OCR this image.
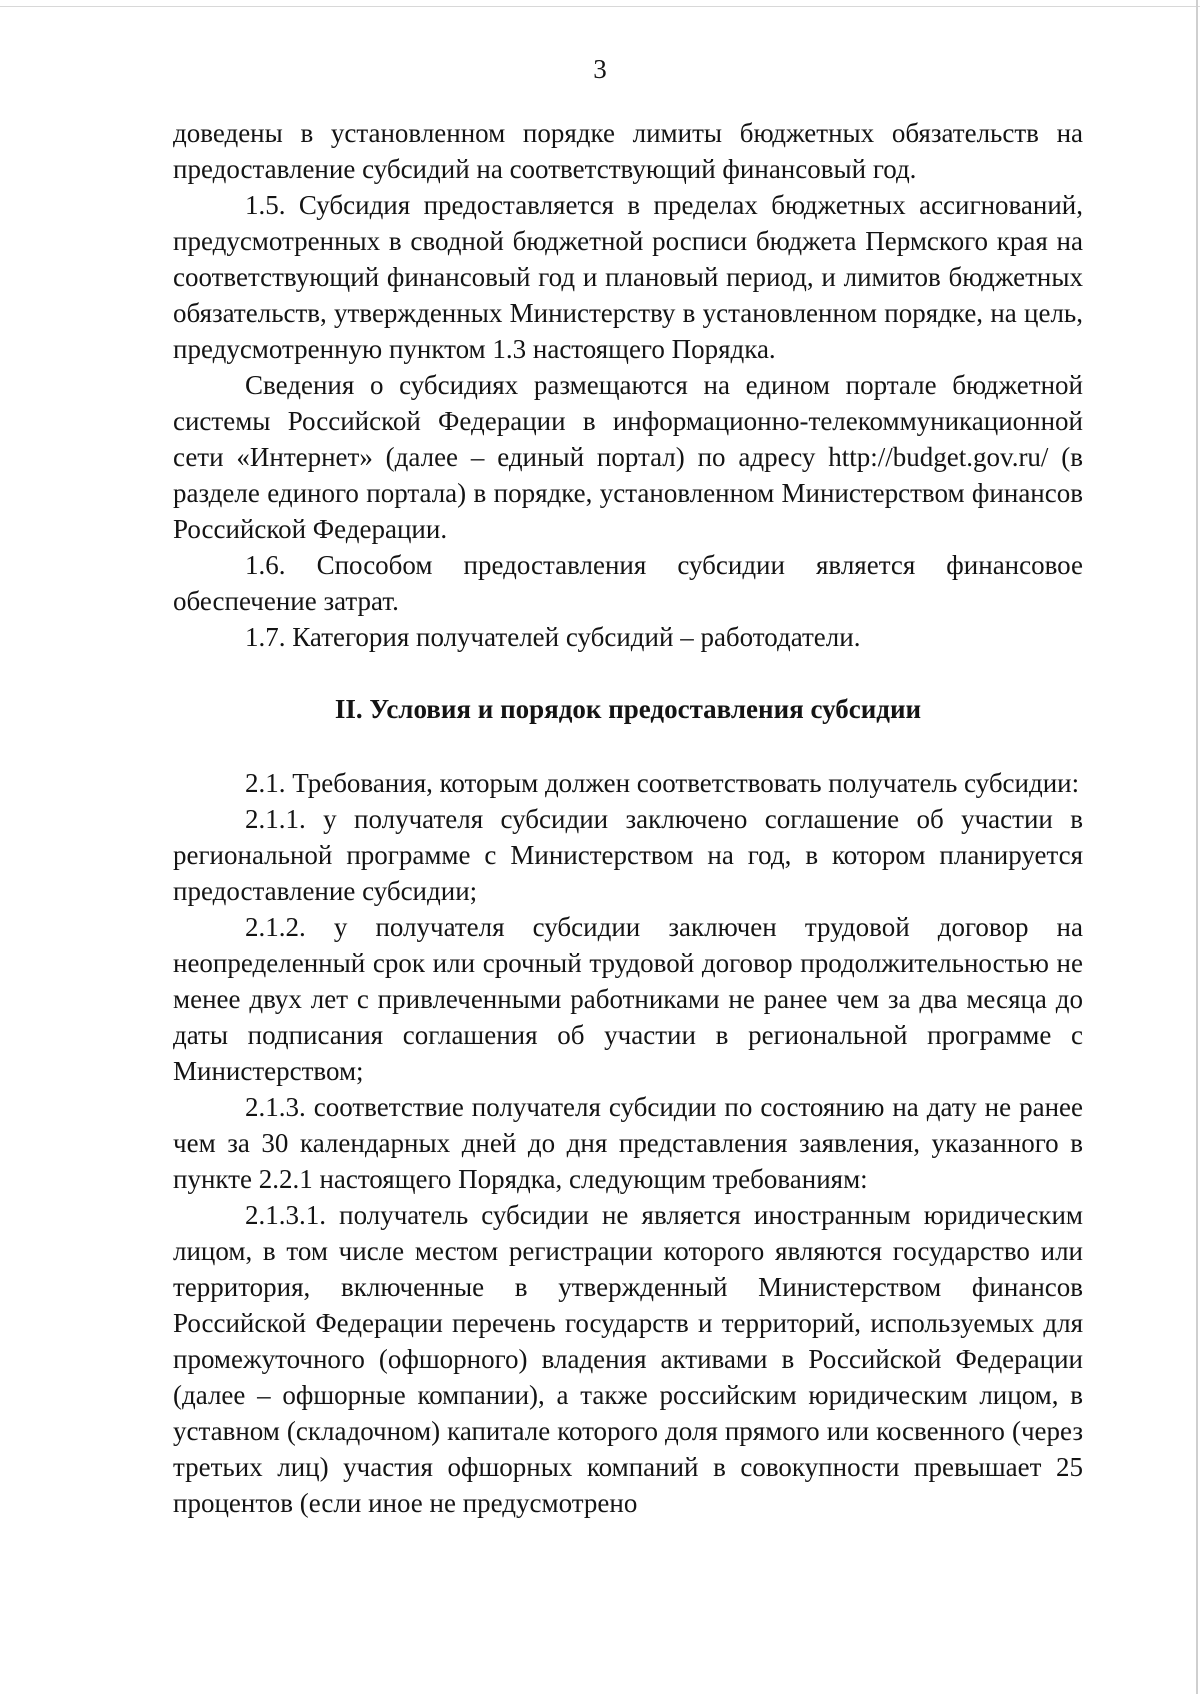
3

доведены в установленном порядке лимиты бюджетных обязательств на предоставление субсидий на соответствующий финансовый год.

1.5. Субсидия предоставляется в пределах бюджетных ассигнований, предусмотренных в сводной бюджетной росписи бюджета Пермского края на соответствующий финансовый год и плановый период, и лимитов бюджетных обязательств, утвержденных Министерству в установленном порядке, на цель, предусмотренную пунктом 1.3 настоящего Порядка.

Сведения о субсидиях размещаются на едином портале бюджетной системы Российской Федерации в информационно-телекоммуникационной сети «Интернет» (далее – единый портал) по адресу http://budget.gov.ru/ (в разделе единого портала) в порядке, установленном Министерством финансов Российской Федерации.

1.6. Способом предоставления субсидии является финансовое обеспечение затрат.

1.7. Категория получателей субсидий – работодатели.

II. Условия и порядок предоставления субсидии

2.1. Требования, которым должен соответствовать получатель субсидии:

2.1.1. у получателя субсидии заключено соглашение об участии в региональной программе с Министерством на год, в котором планируется предоставление субсидии;

2.1.2. у получателя субсидии заключен трудовой договор на неопределенный срок или срочный трудовой договор продолжительностью не менее двух лет с привлеченными работниками не ранее чем за два месяца до даты подписания соглашения об участии в региональной программе с Министерством;

2.1.3. соответствие получателя субсидии по состоянию на дату не ранее чем за 30 календарных дней до дня представления заявления, указанного в пункте 2.2.1 настоящего Порядка, следующим требованиям:

2.1.3.1. получатель субсидии не является иностранным юридическим лицом, в том числе местом регистрации которого являются государство или территория, включенные в утвержденный Министерством финансов Российской Федерации перечень государств и территорий, используемых для промежуточного (офшорного) владения активами в Российской Федерации (далее – офшорные компании), а также российским юридическим лицом, в уставном (складочном) капитале которого доля прямого или косвенного (через третьих лиц) участия офшорных компаний в совокупности превышает 25 процентов (если иное не предусмотрено
